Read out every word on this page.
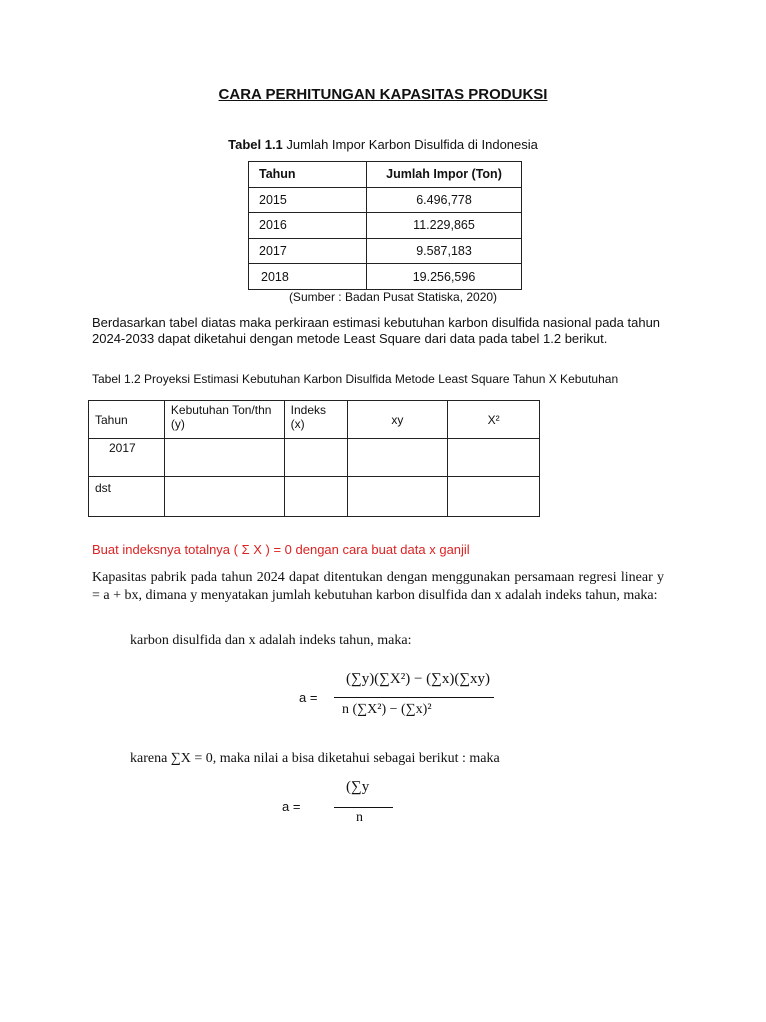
CARA PERHITUNGAN KAPASITAS PRODUKSI
Tabel 1.1 Jumlah Impor Karbon Disulfida di Indonesia
Tahun	Jumlah Impor (Ton)
2015	6.496,778
2016	11.229,865
2017	9.587,183
2018	19.256,596
(Sumber : Badan Pusat Statiska, 2020)
Berdasarkan tabel diatas maka perkiraan estimasi kebutuhan karbon disulfida nasional pada tahun 2024-2033 dapat diketahui dengan metode Least Square dari data pada tabel 1.2 berikut.
Tabel 1.2 Proyeksi Estimasi Kebutuhan Karbon Disulfida Metode Least Square Tahun X Kebutuhan
Tahun	Kebutuhan Ton/thn (y)	Indeks (x)	xy	X²
2017				
dst				
Buat indeksnya totalnya ( Σ X ) = 0 dengan cara buat data x ganjil
Kapasitas pabrik pada tahun 2024 dapat ditentukan dengan menggunakan persamaan regresi linear y = a + bx, dimana y menyatakan jumlah kebutuhan karbon disulfida dan x adalah indeks tahun, maka:
karbon disulfida dan x adalah indeks tahun, maka:
a =
(∑y)(∑X²) − (∑x)(∑xy)
n (∑X²) − (∑x)²
karena ∑X = 0, maka nilai a bisa diketahui sebagai berikut : maka
a =
(∑y
n
